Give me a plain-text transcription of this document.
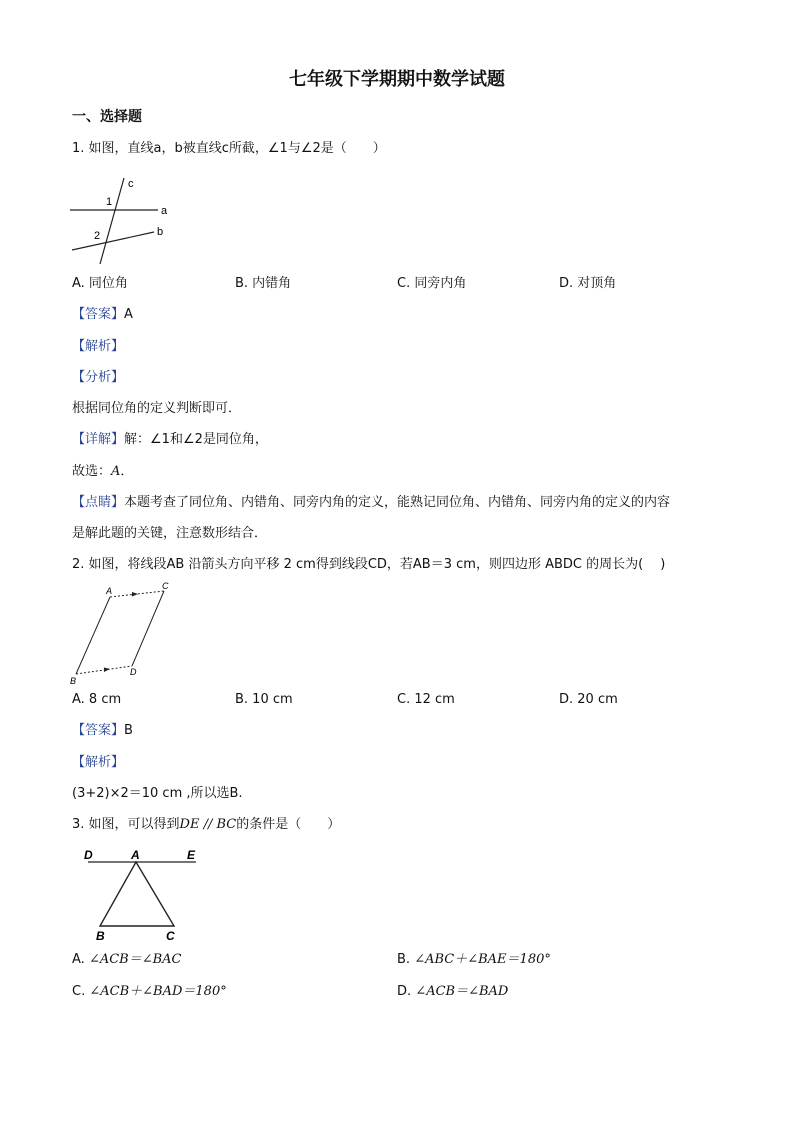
七年级下学期期中数学试题
一、选择题
1. 如图，直线a，b被直线c所截，∠1与∠2是（　　）
c
a
b
1
2
A. 同位角	B. 内错角	C. 同旁内角	D. 对顶角
【答案】A
【解析】
【分析】
根据同位角的定义判断即可．
【详解】解：∠1和∠2是同位角，
故选：A．
【点睛】本题考查了同位角、内错角、同旁内角的定义，能熟记同位角、内错角、同旁内角的定义的内容
是解此题的关键，注意数形结合．
2. 如图，将线段AB 沿箭头方向平移 2 cm得到线段CD，若AB＝3 cm，则四边形 ABDC 的周长为(　 )
A	C
B
D
A. 8 cm	B. 10 cm	C. 12 cm	D. 20 cm
【答案】B
【解析】
(3+2)×2＝10 cm ,所以选B.
3. 如图，可以得到DE // BC的条件是（　　）
D	A	E
B	C
A. ∠ACB＝∠BAC	B. ∠ABC＋∠BAE＝180°
C. ∠ACB＋∠BAD＝180°	D. ∠ACB＝∠BAD
